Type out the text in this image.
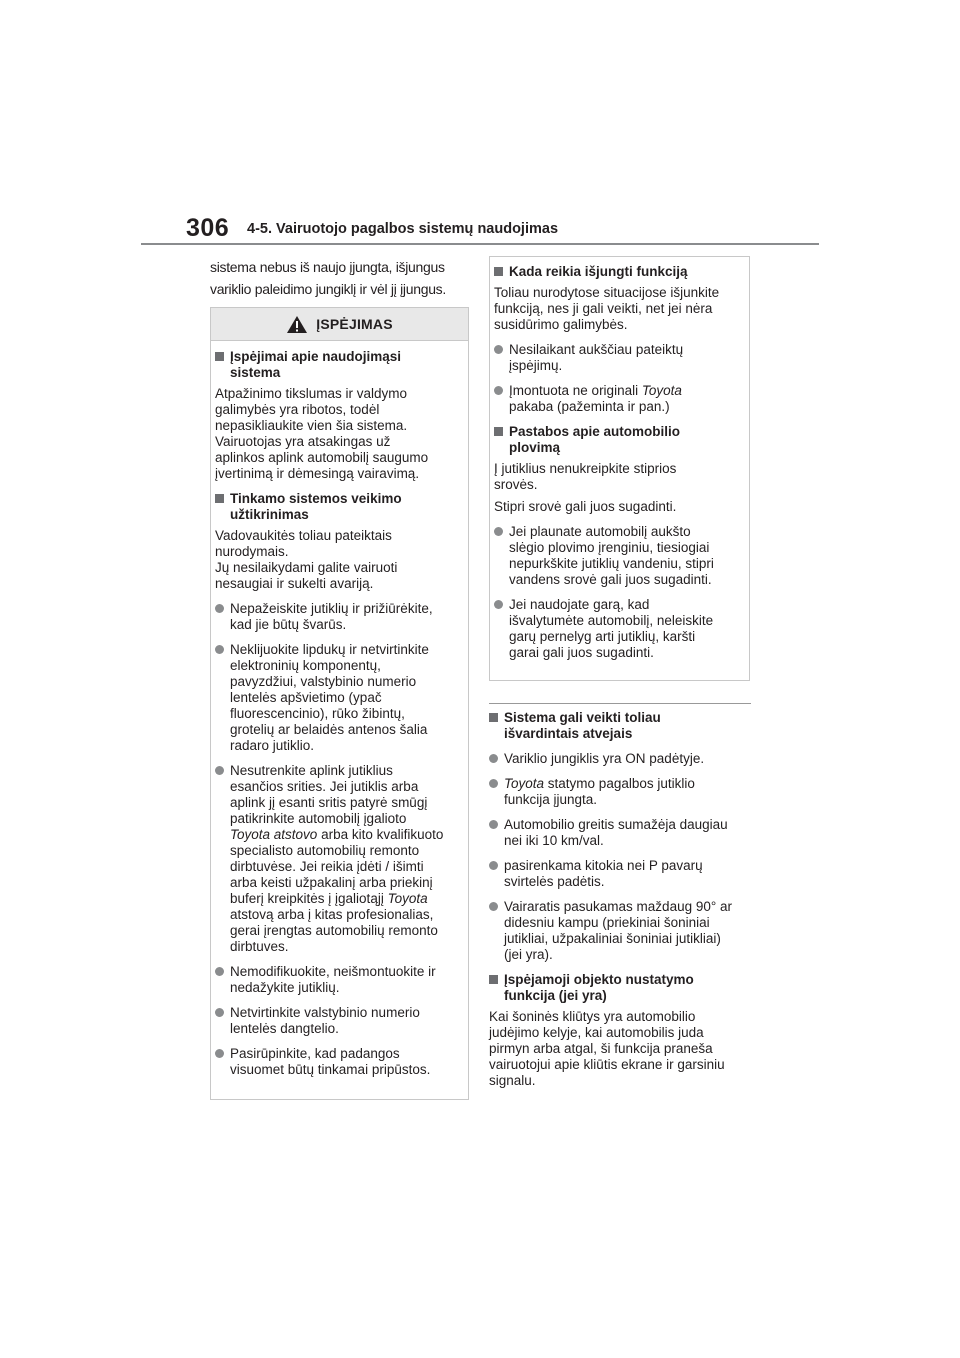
306 4-5. Vairuotojo pagalbos sistemų naudojimas
sistema nebus iš naujo įjungta, išjungus variklio paleidimo jungiklį ir vėl jį įjungus.
ĮSPĖJIMAS
Įspėjimai apie naudojimąsi
sistema
Atpažinimo tikslumas ir valdymo
galimybės yra ribotos, todėl
nepasikliaukite vien šia sistema.
Vairuotojas yra atsakingas už
aplinkos aplink automobilį saugumo
įvertinimą ir dėmesingą vairavimą.
Tinkamo sistemos veikimo
užtikrinimas
Vadovaukitės toliau pateiktais
nurodymais.
Jų nesilaikydami galite vairuoti
nesaugiai ir sukelti avariją.
Nepažeiskite jutiklių ir prižiūrėkite,
kad jie būtų švarūs.
Neklijuokite lipdukų ir netvirtinkite
elektroninių komponentų,
pavyzdžiui, valstybinio numerio
lentelės apšvietimo (ypač
fluorescencinio), rūko žibintų,
grotelių ar belaidės antenos šalia
radaro jutiklio.
Nesutrenkite aplink jutiklius
esančios srities. Jei jutiklis arba
aplink jį esanti sritis patyrė smūgį
patikrinkite automobilį įgalioto
Toyota atstovo arba kito kvalifikuoto
specialisto automobilių remonto
dirbtuvėse. Jei reikia įdėti / išimti
arba keisti užpakalinį arba priekinį
buferį kreipkitės į įgaliotąjį Toyota
atstovą arba į kitas profesionalias,
gerai įrengtas automobilių remonto
dirbtuves.
Nemodifikuokite, neišmontuokite ir
nedažykite jutiklių.
Netvirtinkite valstybinio numerio
lentelės dangtelio.
Pasirūpinkite, kad padangos
visuomet būtų tinkamai pripūstos.
Kada reikia išjungti funkciją
Toliau nurodytose situacijose išjunkite
funkciją, nes ji gali veikti, net jei nėra
susidūrimo galimybės.
Nesilaikant aukščiau pateiktų
įspėjimų.
Įmontuota ne originali Toyota
pakaba (pažeminta ir pan.)
Pastabos apie automobilio
plovimą
Į jutiklius nenukreipkite stiprios
srovės.
Stipri srovė gali juos sugadinti.
Jei plaunate automobilį aukšto
slėgio plovimo įrenginiu, tiesiogiai
nepurkškite jutiklių vandeniu, stipri
vandens srovė gali juos sugadinti.
Jei naudojate garą, kad
išvalytumėte automobilį, neleiskite
garų pernelyg arti jutiklių, karšti
garai gali juos sugadinti.
Sistema gali veikti toliau
išvardintais atvejais
Variklio jungiklis yra ON padėtyje.
Toyota statymo pagalbos jutiklio
funkcija įjungta.
Automobilio greitis sumažėja daugiau
nei iki 10 km/val.
pasirenkama kitokia nei P pavarų
svirtelės padėtis.
Vairaratis pasukamas maždaug 90° ar
didesniu kampu (priekiniai šoniniai
jutikliai, užpakaliniai šoniniai jutikliai)
(jei yra).
Įspėjamoji objekto nustatymo
funkcija (jei yra)
Kai šoninės kliūtys yra automobilio
judėjimo kelyje, kai automobilis juda
pirmyn arba atgal, ši funkcija praneša
vairuotojui apie kliūtis ekrane ir garsiniu
signalu.
